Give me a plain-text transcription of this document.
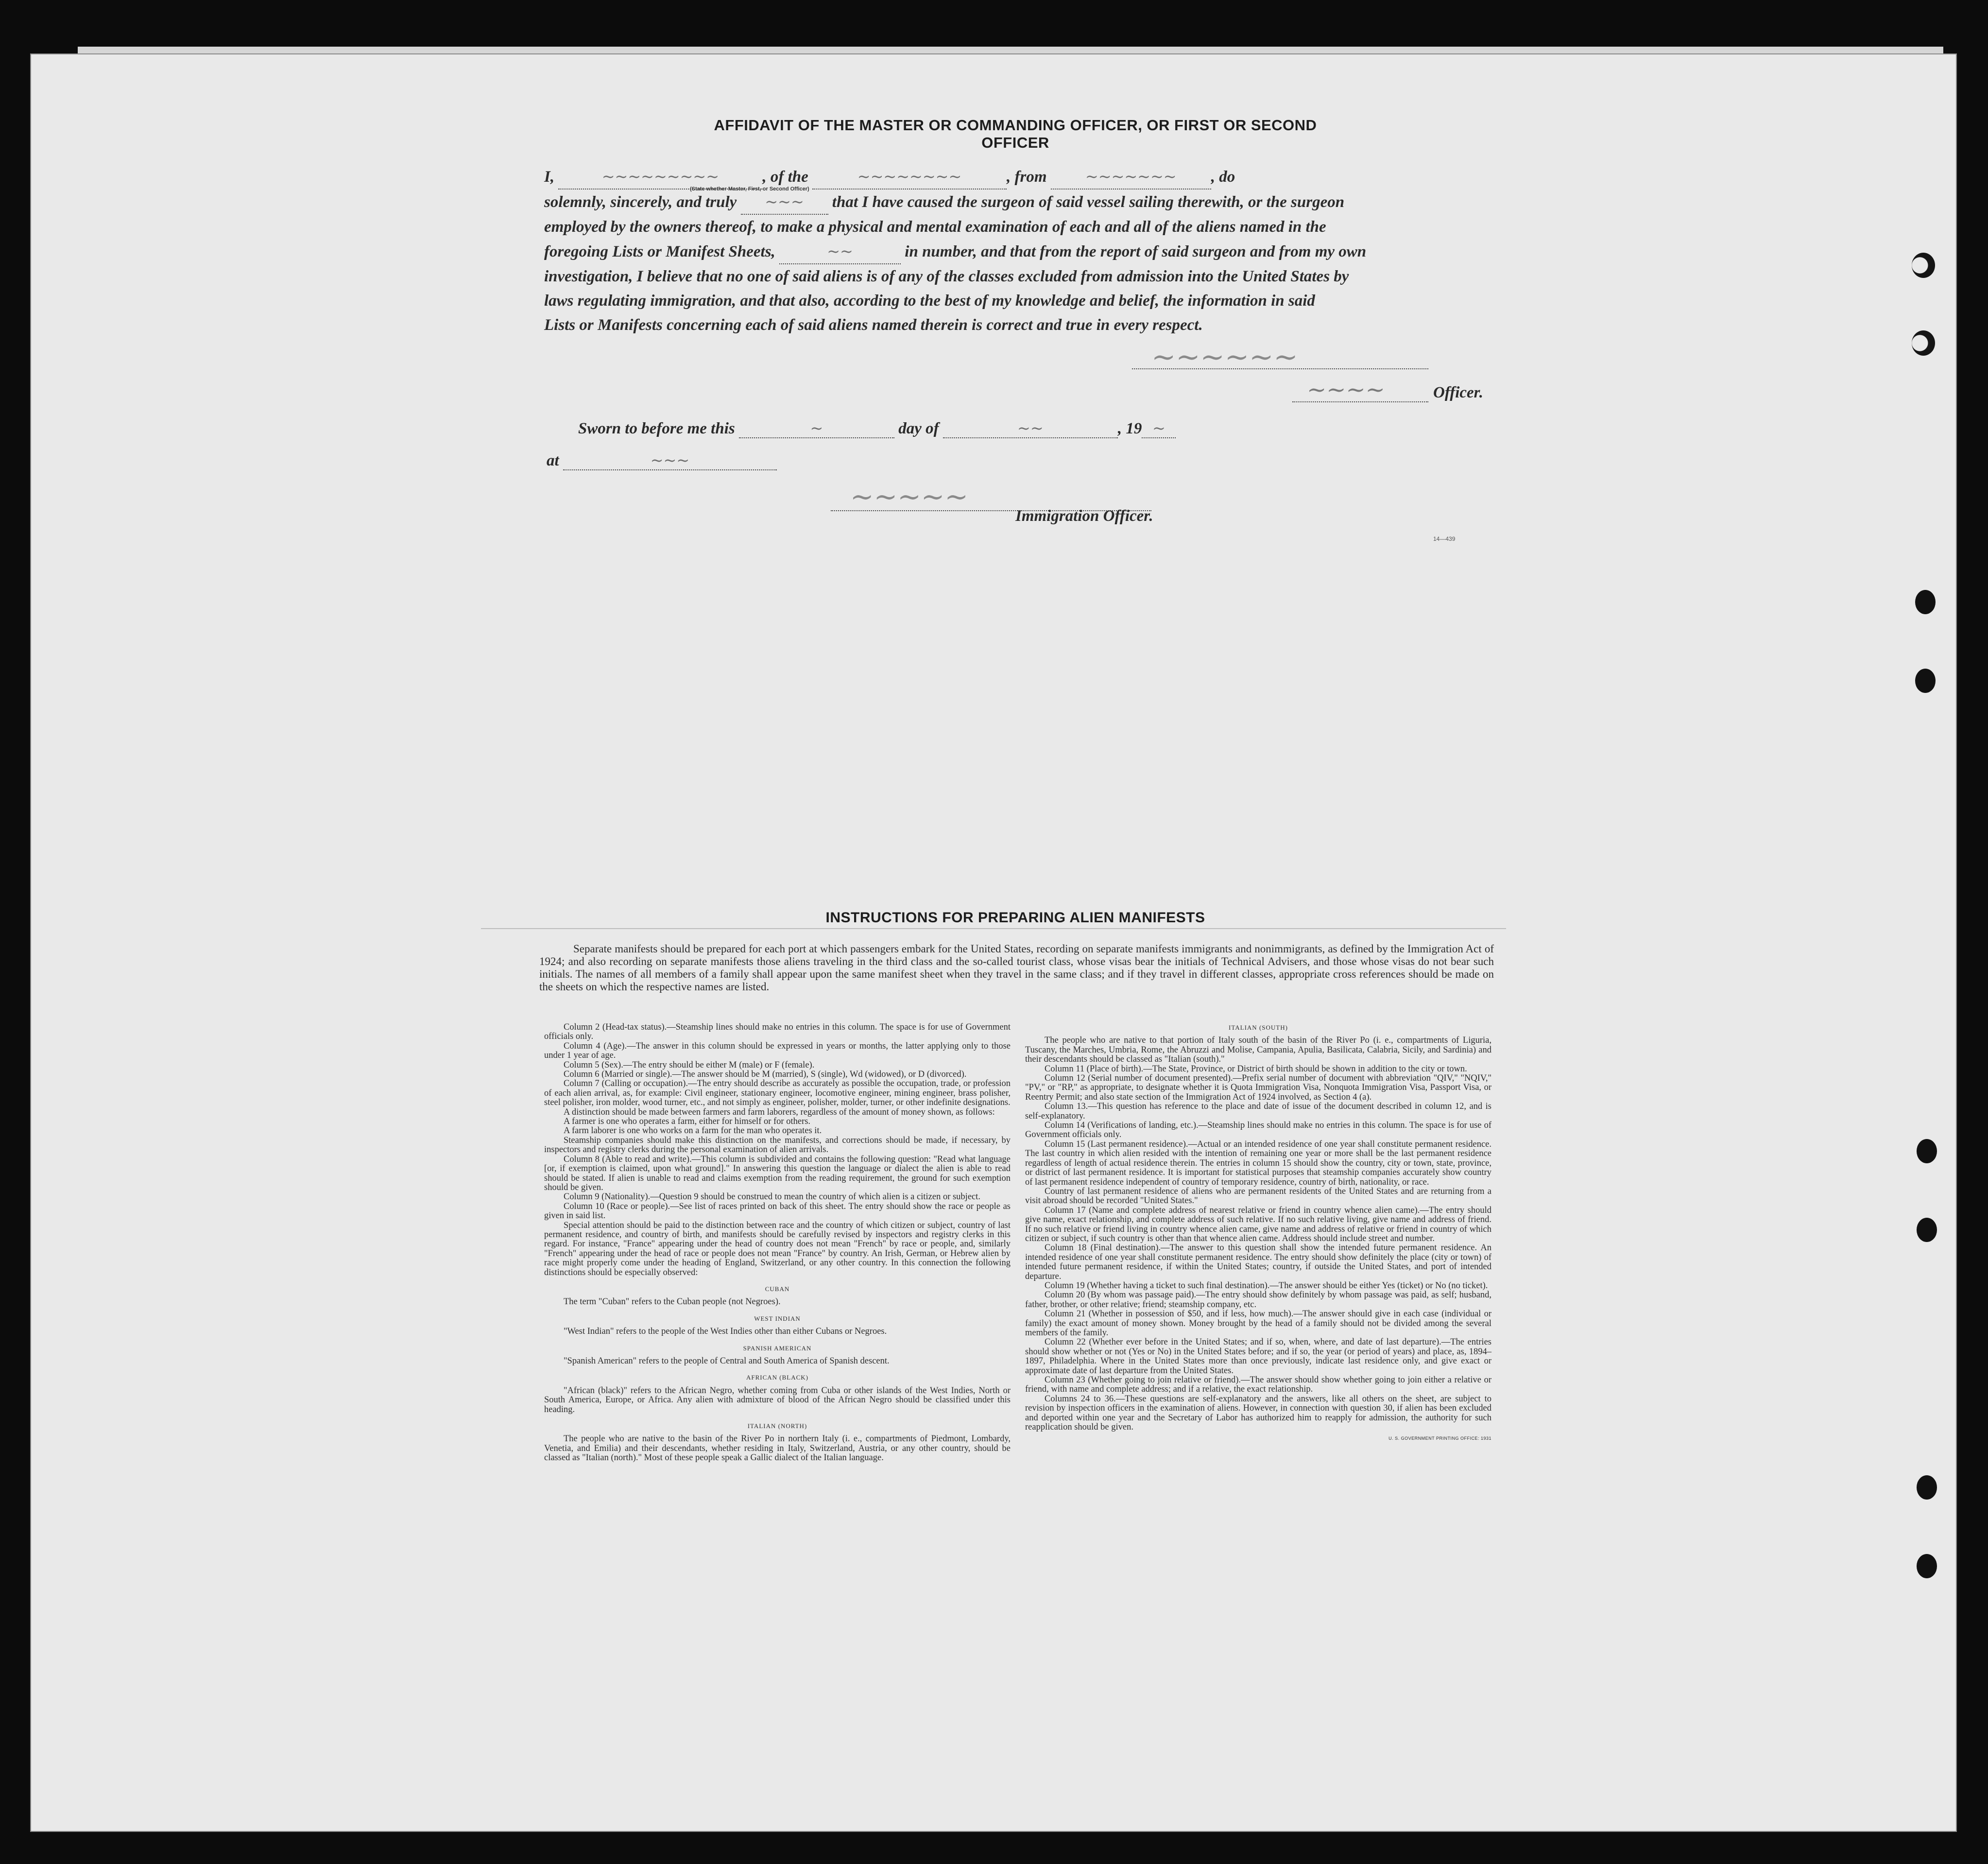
AFFIDAVIT OF THE MASTER OR COMMANDING OFFICER, OR FIRST OR SECOND OFFICER
I,	~~~~~~~~~	, of the	~~~~~~~~	, from ~~~~~~~ , do
solemnly, sincerely, and truly ~~~ that I have caused the surgeon of said vessel sailing therewith, or the surgeon
employed by the owners thereof, to make a physical and mental examination of each and all of the aliens named in the
foregoing Lists or Manifest Sheets,	~~	in number, and that from the report of said surgeon and from my own
investigation, I believe that no one of said aliens is of any of the classes excluded from admission into the United States by
laws regulating immigration, and that also, according to the best of my knowledge and belief, the information in said
Lists or Manifests concerning each of said aliens named therein is correct and true in every respect.
(State whether Master, First, or Second Officer)
~~~~~~
~~~~	Officer.
Sworn to before me this	~	day of	~~	, 19 ~
at	~~~
~~~~~
Immigration Officer.
14—439
INSTRUCTIONS FOR PREPARING ALIEN MANIFESTS

Separate manifests should be prepared for each port at which passengers embark for the United States, recording on separate manifests immigrants and nonimmigrants, as defined by the Immigration Act of 1924; and also recording on separate manifests those aliens traveling in the third class and the so-called tourist class, whose visas bear the initials of Technical Advisers, and those whose visas do not bear such initials. The names of all members of a family shall appear upon the same manifest sheet when they travel in the same class; and if they travel in different classes, appropriate cross references should be made on the sheets on which the respective names are listed.

Column 2 (Head-tax status).—Steamship lines should make no entries in this column. The space is for use of Government officials only.

Column 4 (Age).—The answer in this column should be expressed in years or months, the latter applying only to those under 1 year of age.

Column 5 (Sex).—The entry should be either M (male) or F (female).

Column 6 (Married or single).—The answer should be M (married), S (single), Wd (widowed), or D (divorced).

Column 7 (Calling or occupation).—The entry should describe as accurately as possible the occupation, trade, or profession of each alien arrival, as, for example: Civil engineer, stationary engineer, locomotive engineer, mining engineer, brass polisher, steel polisher, iron molder, wood turner, etc., and not simply as engineer, polisher, molder, turner, or other indefinite designations.

A distinction should be made between farmers and farm laborers, regardless of the amount of money shown, as follows:

A farmer is one who operates a farm, either for himself or for others.

A farm laborer is one who works on a farm for the man who operates it.

Steamship companies should make this distinction on the manifests, and corrections should be made, if necessary, by inspectors and registry clerks during the personal examination of alien arrivals.

Column 8 (Able to read and write).—This column is subdivided and contains the following question: "Read what language [or, if exemption is claimed, upon what ground]." In answering this question the language or dialect the alien is able to read should be stated. If alien is unable to read and claims exemption from the reading requirement, the ground for such exemption should be given.

Column 9 (Nationality).—Question 9 should be construed to mean the country of which alien is a citizen or subject.

Column 10 (Race or people).—See list of races printed on back of this sheet. The entry should show the race or people as given in said list.

Special attention should be paid to the distinction between race and the country of which citizen or subject, country of last permanent residence, and country of birth, and manifests should be carefully revised by inspectors and registry clerks in this regard. For instance, "France" appearing under the head of country does not mean "French" by race or people, and, similarly "French" appearing under the head of race or people does not mean "France" by country. An Irish, German, or Hebrew alien by race might properly come under the heading of England, Switzerland, or any other country. In this connection the following distinctions should be especially observed:

CUBAN

The term "Cuban" refers to the Cuban people (not Negroes).

WEST INDIAN

"West Indian" refers to the people of the West Indies other than either Cubans or Negroes.

SPANISH AMERICAN

"Spanish American" refers to the people of Central and South America of Spanish descent.

AFRICAN (BLACK)

"African (black)" refers to the African Negro, whether coming from Cuba or other islands of the West Indies, North or South America, Europe, or Africa. Any alien with admixture of blood of the African Negro should be classified under this heading.

ITALIAN (NORTH)

The people who are native to the basin of the River Po in northern Italy (i. e., compartments of Piedmont, Lombardy, Venetia, and Emilia) and their descendants, whether residing in Italy, Switzerland, Austria, or any other country, should be classed as "Italian (north)." Most of these people speak a Gallic dialect of the Italian language.

ITALIAN (SOUTH)

The people who are native to that portion of Italy south of the basin of the River Po (i. e., compartments of Liguria, Tuscany, the Marches, Umbria, Rome, the Abruzzi and Molise, Campania, Apulia, Basilicata, Calabria, Sicily, and Sardinia) and their descendants should be classed as "Italian (south)."

Column 11 (Place of birth).—The State, Province, or District of birth should be shown in addition to the city or town.

Column 12 (Serial number of document presented).—Prefix serial number of document with abbreviation "QIV," "NQIV," "PV," or "RP," as appropriate, to designate whether it is Quota Immigration Visa, Nonquota Immigration Visa, Passport Visa, or Reentry Permit; and also state section of the Immigration Act of 1924 involved, as Section 4 (a).

Column 13.—This question has reference to the place and date of issue of the document described in column 12, and is self-explanatory.

Column 14 (Verifications of landing, etc.).—Steamship lines should make no entries in this column. The space is for use of Government officials only.

Column 15 (Last permanent residence).—Actual or an intended residence of one year shall constitute permanent residence. The last country in which alien resided with the intention of remaining one year or more shall be the last permanent residence regardless of length of actual residence therein. The entries in column 15 should show the country, city or town, state, province, or district of last permanent residence. It is important for statistical purposes that steamship companies accurately show country of last permanent residence independent of country of temporary residence, country of birth, nationality, or race.

Country of last permanent residence of aliens who are permanent residents of the United States and are returning from a visit abroad should be recorded "United States."

Column 17 (Name and complete address of nearest relative or friend in country whence alien came).—The entry should give name, exact relationship, and complete address of such relative. If no such relative living, give name and address of friend. If no such relative or friend living in country whence alien came, give name and address of relative or friend in country of which citizen or subject, if such country is other than that whence alien came. Address should include street and number.

Column 18 (Final destination).—The answer to this question shall show the intended future permanent residence. An intended residence of one year shall constitute permanent residence. The entry should show definitely the place (city or town) of intended future permanent residence, if within the United States; country, if outside the United States, and port of intended departure.

Column 19 (Whether having a ticket to such final destination).—The answer should be either Yes (ticket) or No (no ticket).

Column 20 (By whom was passage paid).—The entry should show definitely by whom passage was paid, as self; husband, father, brother, or other relative; friend; steamship company, etc.

Column 21 (Whether in possession of $50, and if less, how much).—The answer should give in each case (individual or family) the exact amount of money shown. Money brought by the head of a family should not be divided among the several members of the family.

Column 22 (Whether ever before in the United States; and if so, when, where, and date of last departure).—The entries should show whether or not (Yes or No) in the United States before; and if so, the year (or period of years) and place, as, 1894–1897, Philadelphia. Where in the United States more than once previously, indicate last residence only, and give exact or approximate date of last departure from the United States.

Column 23 (Whether going to join relative or friend).—The answer should show whether going to join either a relative or friend, with name and complete address; and if a relative, the exact relationship.

Columns 24 to 36.—These questions are self-explanatory and the answers, like all others on the sheet, are subject to revision by inspection officers in the examination of aliens. However, in connection with question 30, if alien has been excluded and deported within one year and the Secretary of Labor has authorized him to reapply for admission, the authority for such reapplication should be given.

U. S. GOVERNMENT PRINTING OFFICE: 1931
